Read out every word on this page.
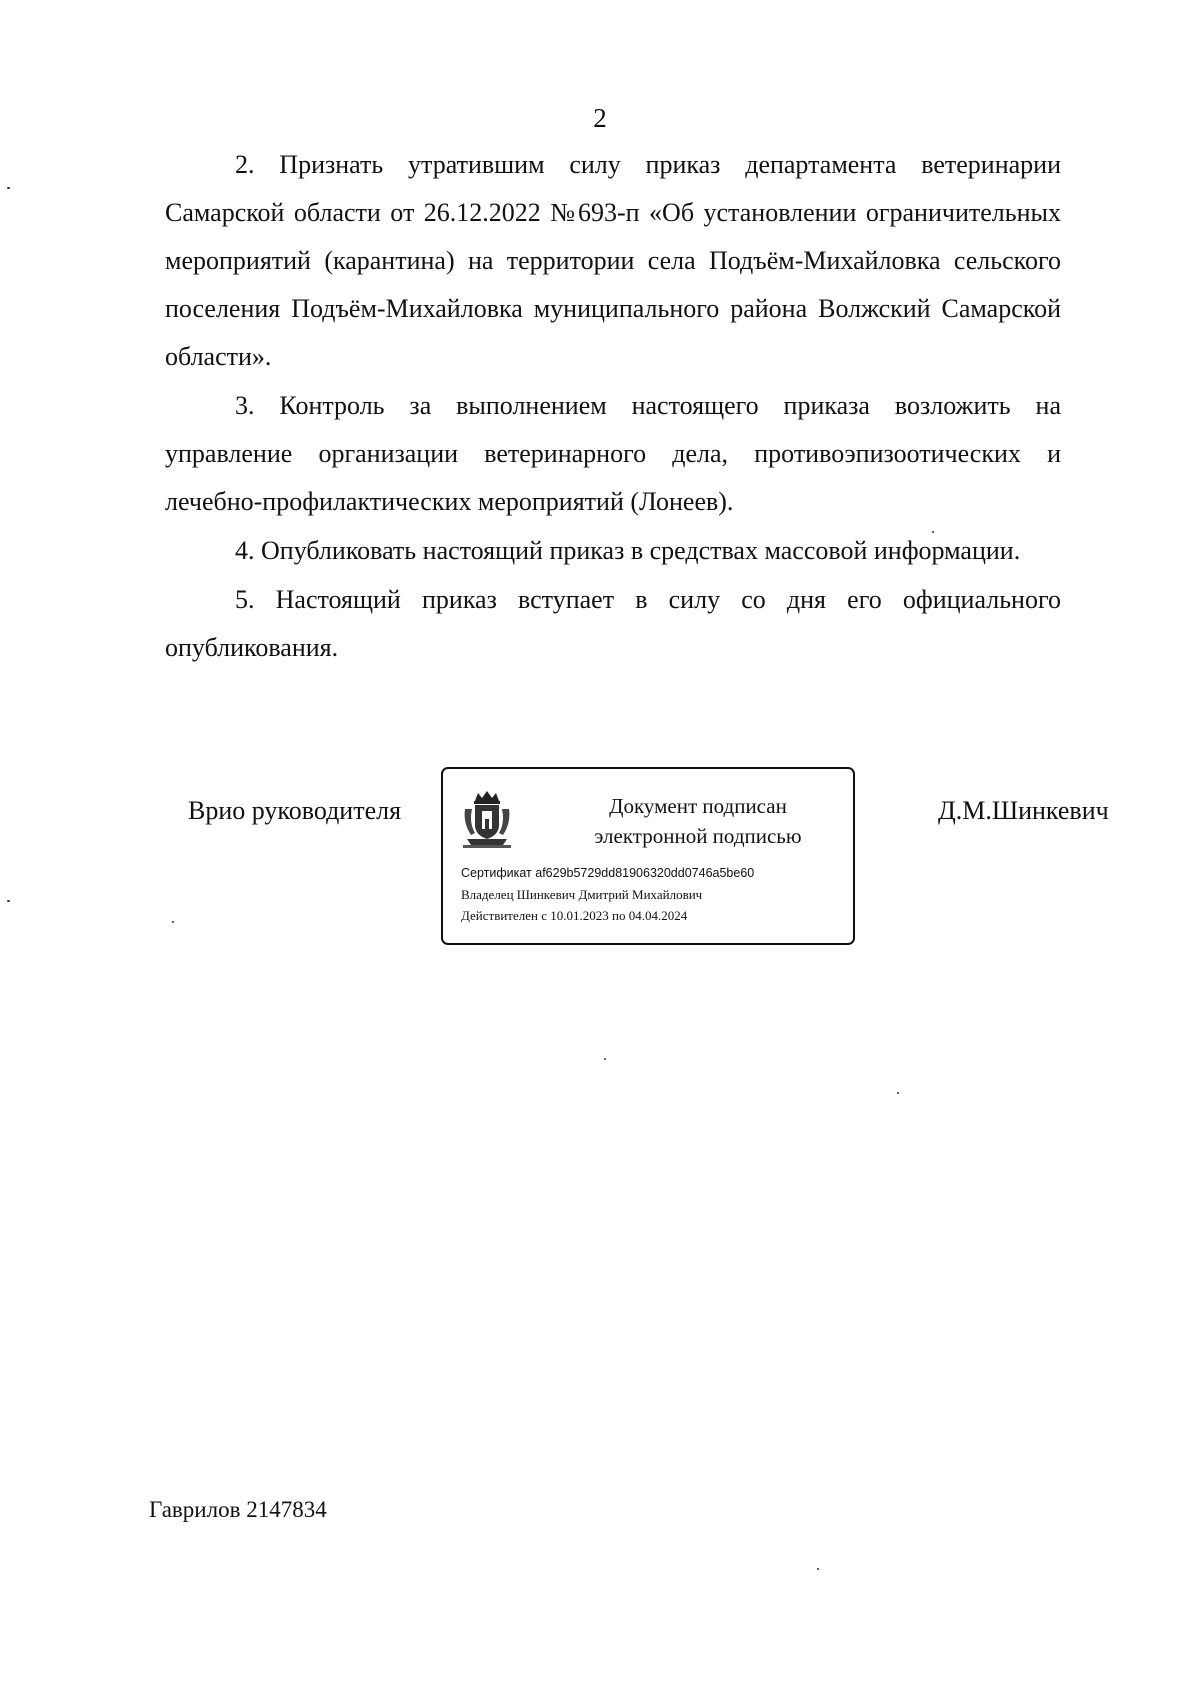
2

2. Признать утратившим силу приказ департамента ветеринарии Самарской области от 26.12.2022 №693-п «Об установлении ограничительных мероприятий (карантина) на территории села Подъём-Михайловка сельского поселения Подъём-Михайловка муниципального района Волжский Самарской области».

3. Контроль за выполнением настоящего приказа возложить на управление организации ветеринарного дела, противоэпизоотических и лечебно-профилактических мероприятий (Лонеев).

4. Опубликовать настоящий приказ в средствах массовой информации.

5. Настоящий приказ вступает в силу со дня его официального опубликования.

Врио руководителя	Документ подписан
электронной подписью
Сертификат af629b5729dd81906320dd0746a5be60
Владелец Шинкевич Дмитрий Михайлович
Действителен с 10.01.2023 по 04.04.2024
Д.М.Шинкевич
Гаврилов 2147834
